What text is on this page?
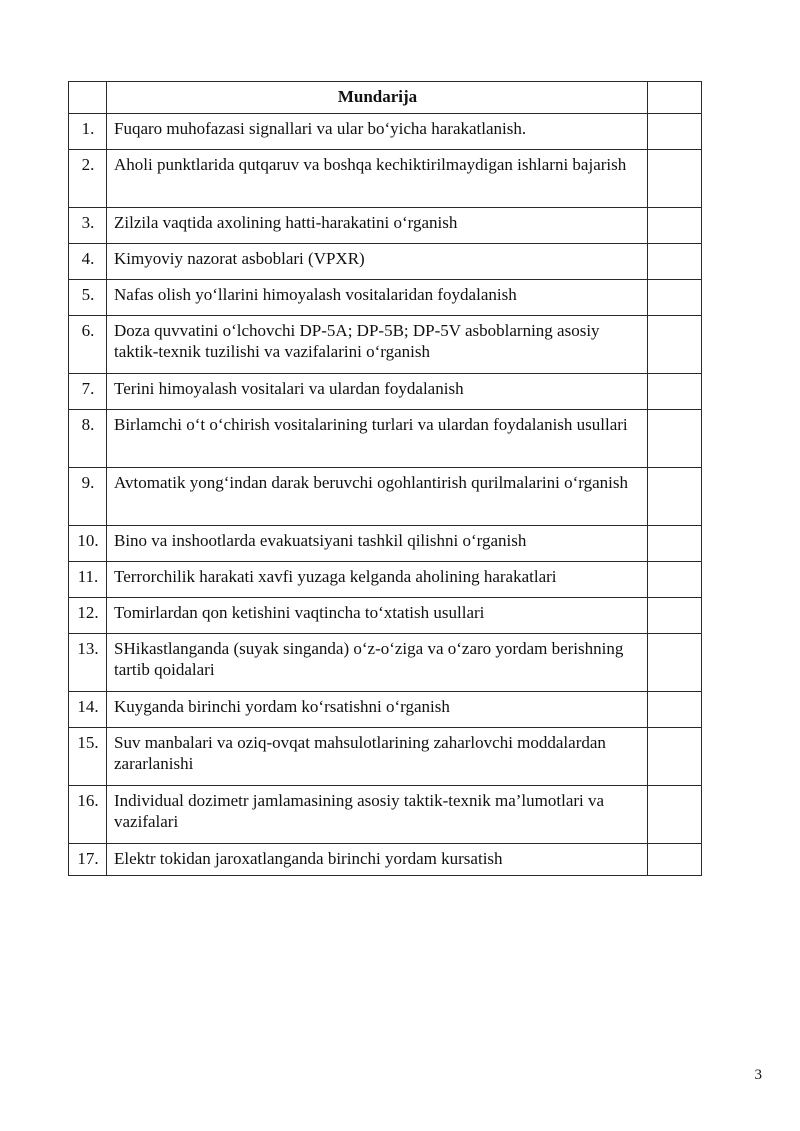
	Mundarija	
1.	Fuqaro muhofazasi signallari va ular bo‘yicha harakatlanish.	
2.	Aholi punktlarida qutqaruv va boshqa kechiktirilmaydigan ishlarni bajarish	
3.	Zilzila vaqtida axolining hatti-harakatini o‘rganish	
4.	Kimyoviy nazorat asboblari (VPXR)	
5.	Nafas olish yo‘llarini himoyalash vositalaridan foydalanish	
6.	Doza quvvatini o‘lchovchi DP-5A; DP-5B; DP-5V asboblarning asosiy taktik-texnik tuzilishi va vazifalarini o‘rganish	
7.	Terini himoyalash vositalari va ulardan foydalanish	
8.	Birlamchi o‘t o‘chirish vositalarining turlari va ulardan foydalanish usullari	
9.	Avtomatik yong‘indan darak beruvchi ogohlantirish qurilmalarini o‘rganish	
10.	Bino va inshootlarda evakuatsiyani tashkil qilishni o‘rganish	
11.	Terrorchilik harakati xavfi yuzaga kelganda aholining harakatlari	
12.	Tomirlardan qon ketishini vaqtincha to‘xtatish usullari	
13.	SHikastlanganda (suyak singanda) o‘z-o‘ziga va o‘zaro yordam berishning tartib qoidalari	
14.	Kuyganda birinchi yordam ko‘rsatishni o‘rganish	
15.	Suv manbalari va oziq-ovqat mahsulotlarining zaharlovchi moddalardan zararlanishi	
16.	Individual dozimetr jamlamasining asosiy taktik-texnik ma’lumotlari va vazifalari	
17.	Elektr tokidan jaroxatlanganda birinchi yordam kursatish	
3
